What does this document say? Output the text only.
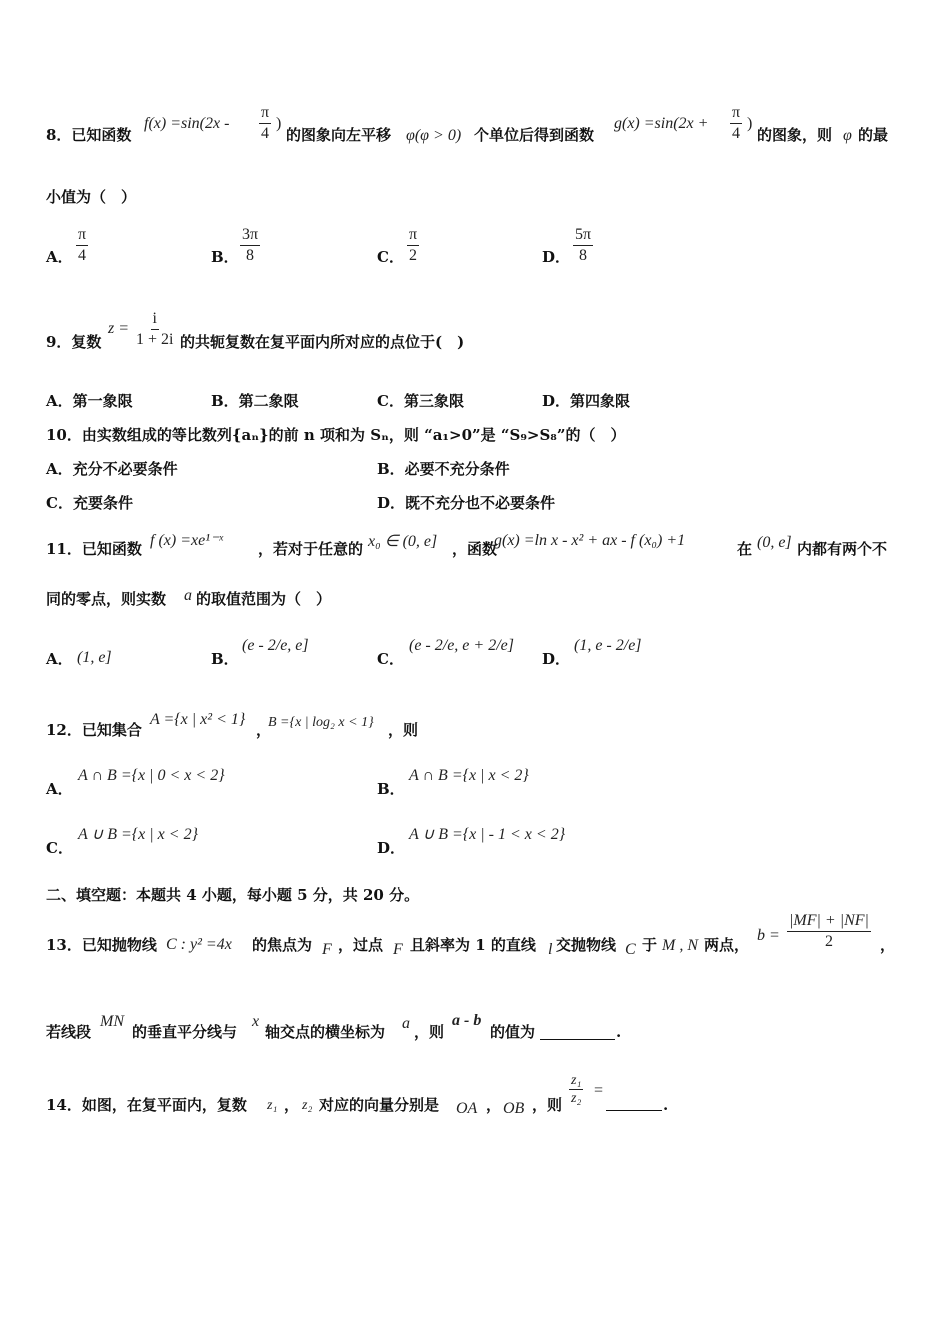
8．已知函数
$f(x) =\sin(2x - \frac{\pi}{4}$ )
的图象向左平移 φ(φ > 0) 个单位后得到函数
$g(x) =\sin(2x + \frac{\pi}{4}$ )
的图象，则 φ 的最
小值为（　）
A． $\frac{\pi}{4}$	B． $\frac{3\pi}{8}$	C． $\frac{\pi}{2}$	D． $\frac{5\pi}{8}$
9．复数
$z = \frac{i}{1 + 2i}$ 的共轭复数在复平面内所对应的点位于(　)
A．第一象限	B．第二象限	C．第三象限	D．第四象限
10．由实数组成的等比数列{aₙ}的前 n 项和为 Sₙ，则 “a₁>0”是 “S₉>S₈”的（　）
A．充分不必要条件	B．必要不充分条件
C．充要条件	D．既不充分也不必要条件
11．已知函数 f (x) =xe¹⁻ˣ ，若对于任意的 x₀ ∈ (0, e] ，函数
g(x) =ln x - x² + ax - f (x₀) +1	在 (0, e] 内都有两个不
同的零点，则实数 a 的取值范围为（　）
A． (1, e]	B．
(e - 2/e, e]
C．
(e - 2/e, e + 2/e]
D．
(1, e - 2/e]
12．已知集合
A ={x | x² < 1}
，
B ={x | log₂ x < 1} ，则
A．
A ∩ B ={x | 0 < x < 2}
B．
A ∩ B ={x | x < 2}
C．
A ∪ B ={x | x < 2}
D．
A ∪ B ={x | - 1 < x < 2}
二、填空题：本题共 4 小题，每小题 5 分，共 20 分。
13．已知抛物线 C : y² =4x 的焦点为 F ，过点 F 且斜率为 1 的直线 l 交抛物线 C 于 M , N 两点，
$b = \frac{|MF| + |NF|}{2}$ ，
若线段
MN
的垂直平分线与
x
轴交点的横坐标为 a ，则
a - b
的值为	.
14．如图，在复平面内，复数 z₁ ， z₂ 对应的向量分别是 OA ， OB ，则 $\frac{\text{z₁}}{\text{z₂}}$ =
.
